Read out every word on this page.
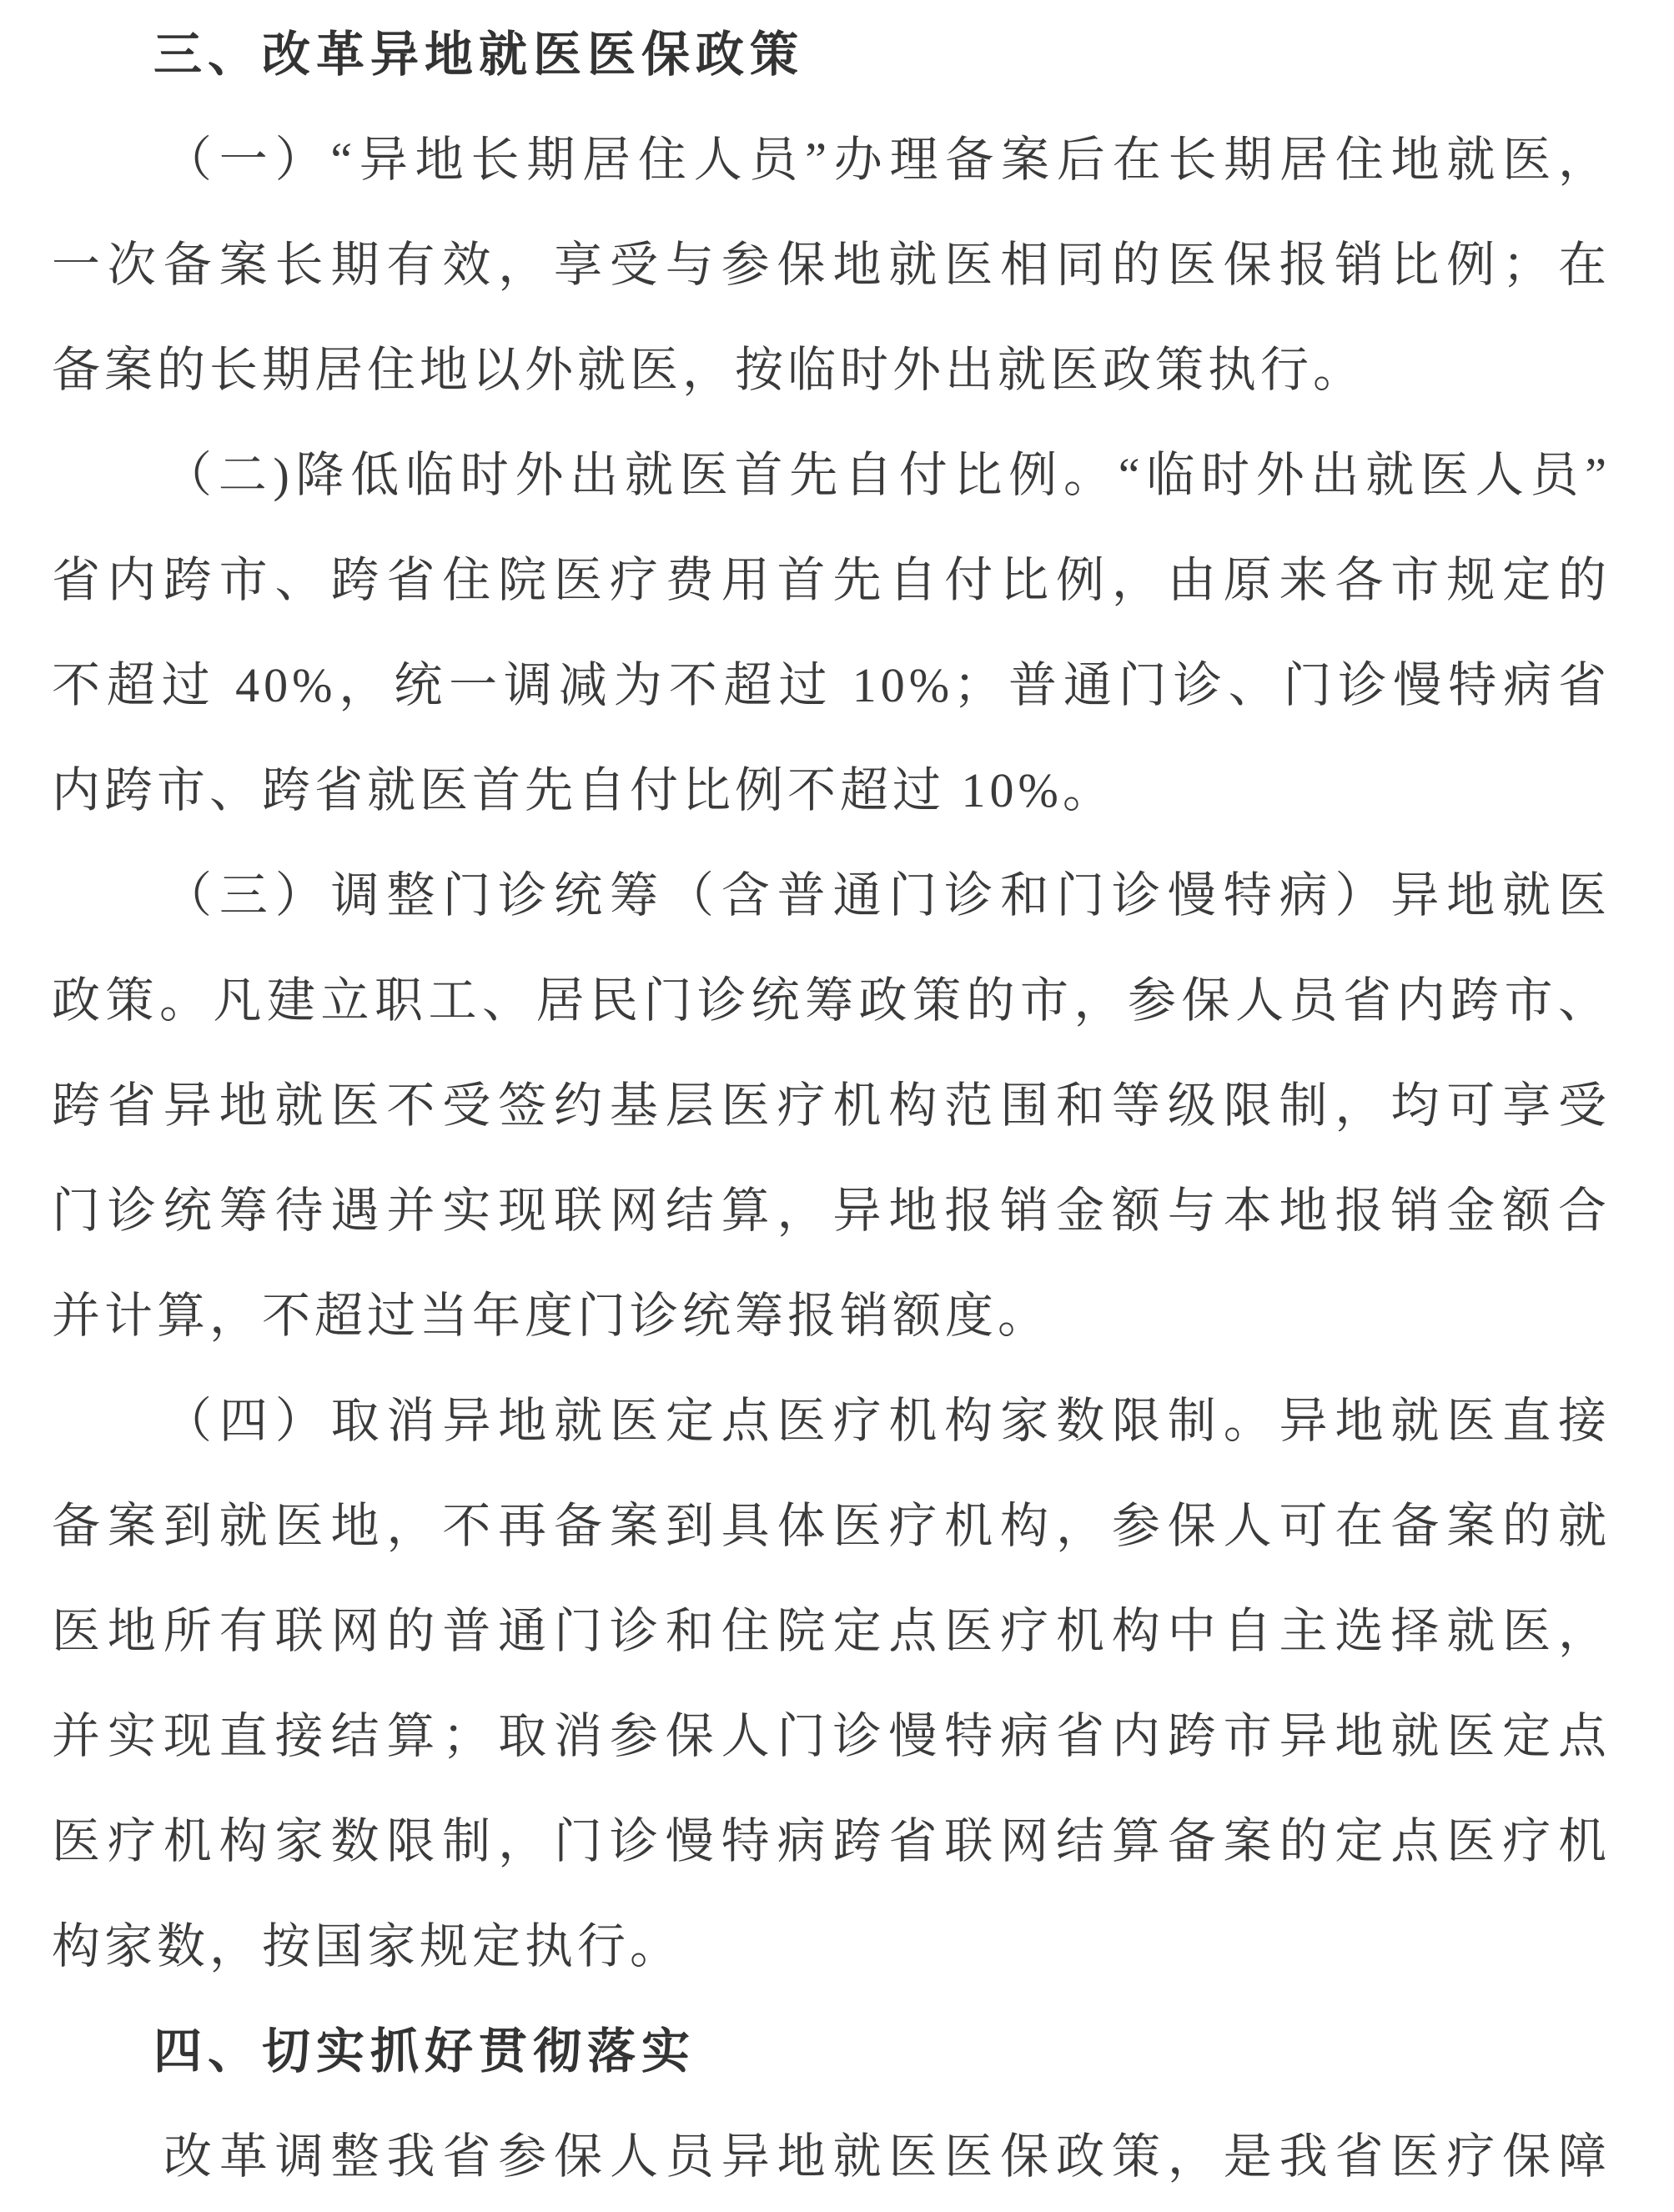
三、改革异地就医医保政策
（一）“异地长期居住人员”办理备案后在长期居住地就医，
一次备案长期有效，享受与参保地就医相同的医保报销比例；在
备案的长期居住地以外就医，按临时外出就医政策执行。
（二)降低临时外出就医首先自付比例。“临时外出就医人员”
省内跨市、跨省住院医疗费用首先自付比例，由原来各市规定的
不超过 40%，统一调减为不超过 10%；普通门诊、门诊慢特病省
内跨市、跨省就医首先自付比例不超过 10%。
（三）调整门诊统筹（含普通门诊和门诊慢特病）异地就医
政策。凡建立职工、居民门诊统筹政策的市，参保人员省内跨市、
跨省异地就医不受签约基层医疗机构范围和等级限制，均可享受
门诊统筹待遇并实现联网结算，异地报销金额与本地报销金额合
并计算，不超过当年度门诊统筹报销额度。
（四）取消异地就医定点医疗机构家数限制。异地就医直接
备案到就医地，不再备案到具体医疗机构，参保人可在备案的就
医地所有联网的普通门诊和住院定点医疗机构中自主选择就医，
并实现直接结算；取消参保人门诊慢特病省内跨市异地就医定点
医疗机构家数限制，门诊慢特病跨省联网结算备案的定点医疗机
构家数，按国家规定执行。
四、切实抓好贯彻落实
改革调整我省参保人员异地就医医保政策，是我省医疗保障
